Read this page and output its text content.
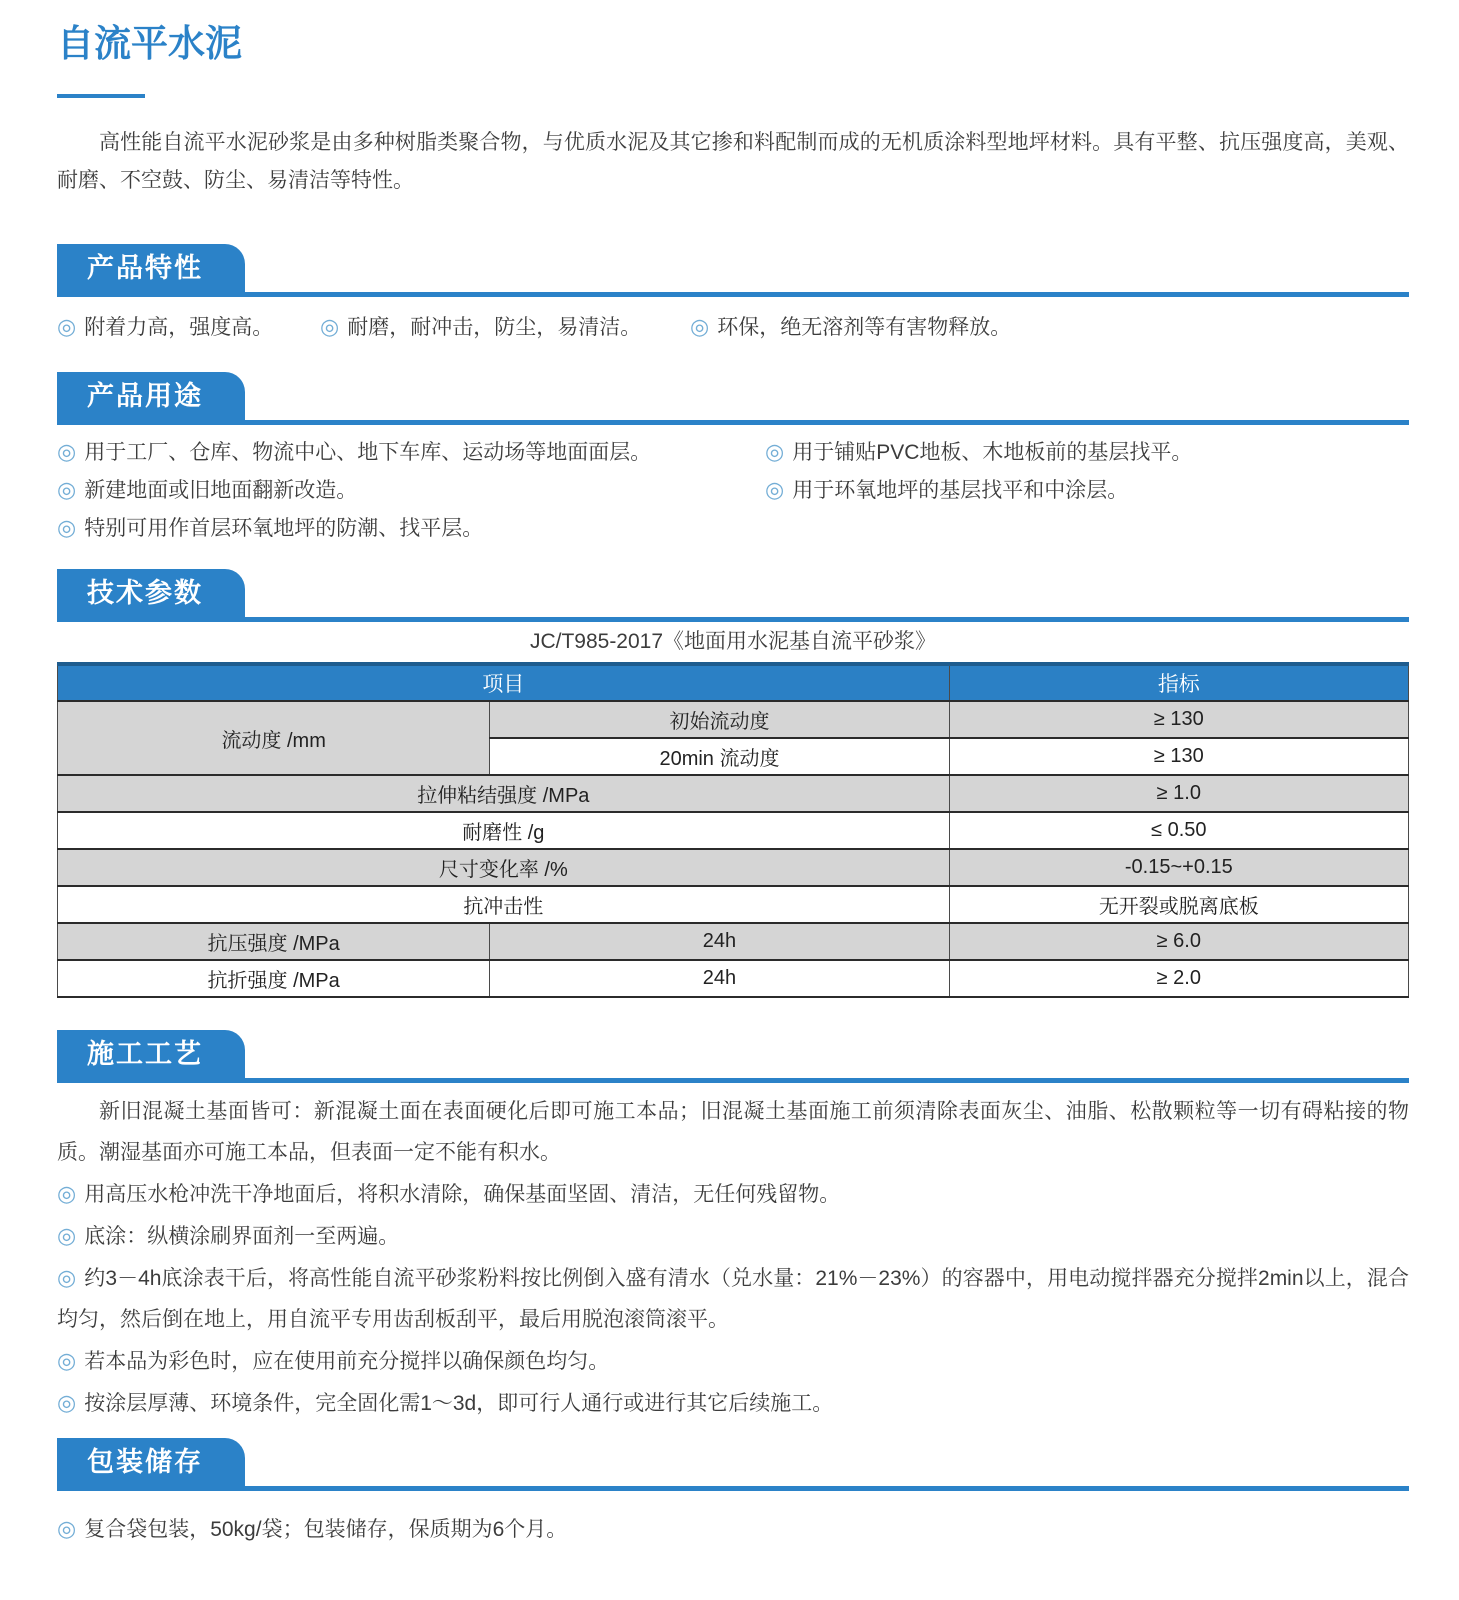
自流平水泥

高性能自流平水泥砂浆是由多种树脂类聚合物，与优质水泥及其它掺和料配制而成的无机质涂料型地坪材料。具有平整、抗压强度高，美观、耐磨、不空鼓、防尘、易清洁等特性。

产品特性

◎ 附着力高，强度高。	◎ 耐磨，耐冲击，防尘，易清洁。	◎ 环保，绝无溶剂等有害物释放。

产品用途

◎ 用于工厂、仓库、物流中心、地下车库、运动场等地面面层。

◎ 新建地面或旧地面翻新改造。

◎ 特别可用作首层环氧地坪的防潮、找平层。

◎ 用于铺贴PVC地板、木地板前的基层找平。

◎ 用于环氧地坪的基层找平和中涂层。

技术参数
JC/T985-2017《地面用水泥基自流平砂浆》
项目		指标
流动度 /mm	初始流动度	≥ 130
	20min 流动度	≥ 130
拉伸粘结强度 /MPa		≥ 1.0
耐磨性 /g		≤ 0.50
尺寸变化率 /%		-0.15~+0.15
抗冲击性		无开裂或脱离底板
抗压强度 /MPa	24h	≥ 6.0
抗折强度 /MPa	24h	≥ 2.0
施工工艺

新旧混凝土基面皆可：新混凝土面在表面硬化后即可施工本品；旧混凝土基面施工前须清除表面灰尘、油脂、松散颗粒等一切有碍粘接的物质。潮湿基面亦可施工本品，但表面一定不能有积水。

◎ 用高压水枪冲洗干净地面后，将积水清除，确保基面坚固、清洁，无任何残留物。

◎ 底涂：纵横涂刷界面剂一至两遍。

◎ 约3－4h底涂表干后，将高性能自流平砂浆粉料按比例倒入盛有清水（兑水量：21%－23%）的容器中，用电动搅拌器充分搅拌2min以上，混合均匀，然后倒在地上，用自流平专用齿刮板刮平，最后用脱泡滚筒滚平。

◎ 若本品为彩色时，应在使用前充分搅拌以确保颜色均匀。

◎ 按涂层厚薄、环境条件，完全固化需1～3d，即可行人通行或进行其它后续施工。

包装储存

◎ 复合袋包装，50kg/袋；包装储存，保质期为6个月。
